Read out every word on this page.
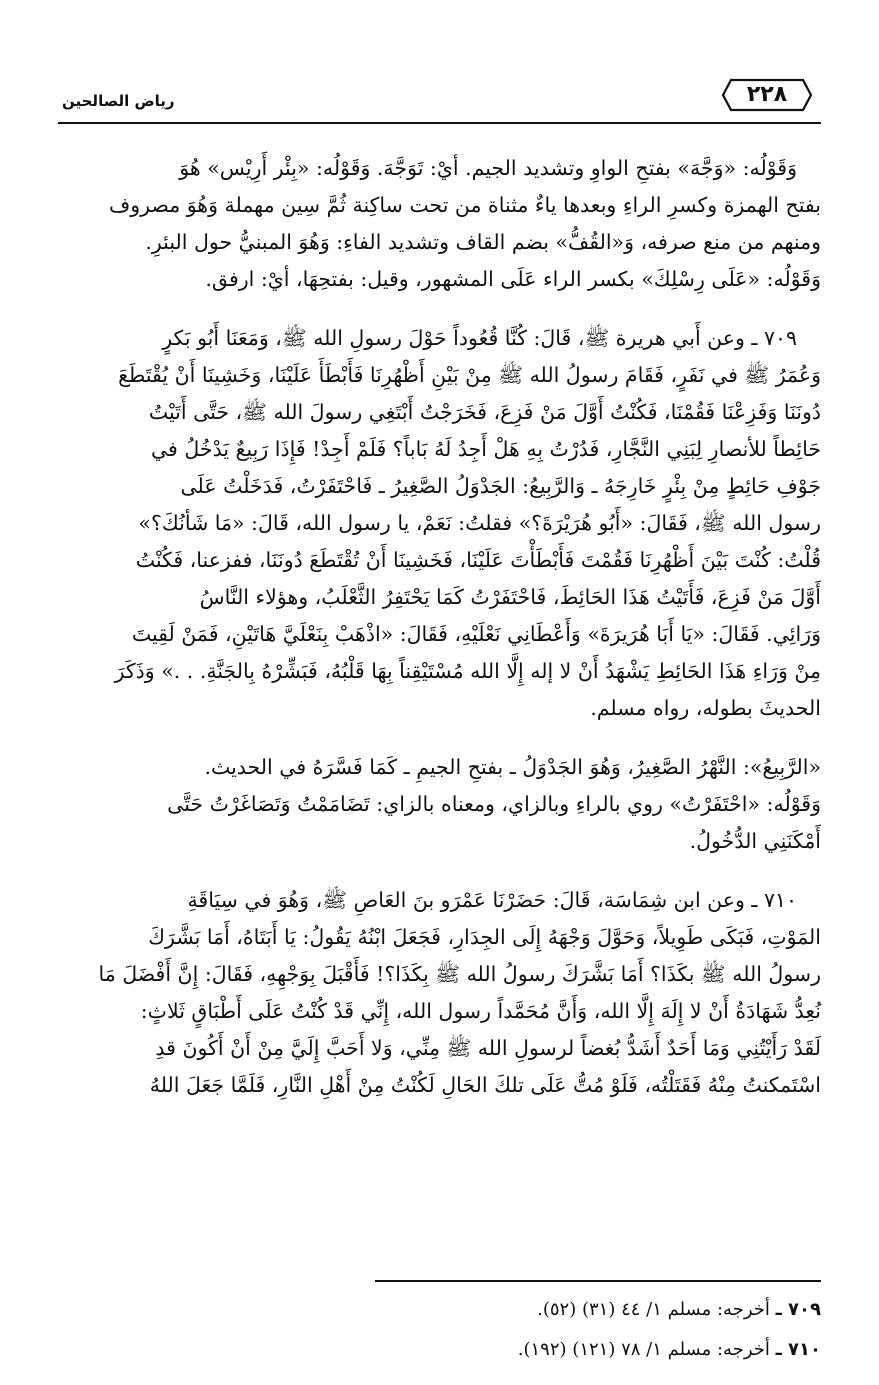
٢٢٨
رياض الصالحين

وَقَوْلُه: «وَجَّهَ» بفتحِ الواوِ وتشديد الجيم. أيْ: تَوَجَّهَ. وَقَوْلُه: «بِئْر أَرِيْس» هُوَ

بفتح الهمزة وكسرِ الراءِ وبعدها ياءٌ مثناة من تحت ساكِنة ثُمَّ سِين مهملة وَهُوَ مصروف

ومنهم من منع صرفه، وَ«القُفُّ» بضم القاف وتشديد الفاءِ: وَهُوَ المبنيُّ حول البئرِ.

وَقَوْلُه: «عَلَى رِسْلِكَ» بكسر الراء عَلَى المشهور، وقيل: بفتحِهَا، أيْ: ارفق.

٧٠٩ ـ وعن أَبي هريرة ﷺ، قَالَ: كُنَّا قُعُوداً حَوْلَ رسولِ الله ﷺ، وَمَعَنَا أَبُو بَكرٍ

وَعُمَرُ ﷺ في نَفَرٍ، فَقَامَ رسولُ الله ﷺ مِنْ بَيْنِ أَظْهُرِنَا فَأَبْطَأَ عَلَيْنَا، وَخَشِينَا أَنْ يُقْتَطَعَ

دُونَنَا وَفَزِعْنَا فَقُمْنَا، فَكُنْتُ أَوَّلَ مَنْ فَزِعَ، فَخَرَجْتُ أَبْتَغِي رسولَ الله ﷺ، حَتَّى أَتَيْتُ

حَائِطاً للأنصارِ لِبَنِي النَّجَّارِ، فَدُرْتُ بِهِ هَلْ أَجِدُ لَهُ بَاباً؟ فَلَمْ أَجِدْ! فَإِذَا رَبِيعٌ يَدْخُلُ في

جَوْفِ حَائِطٍ مِنْ بِئْرٍ خَارِجَهُ ـ وَالرَّبِيعُ: الجَدْوَلُ الصَّغِيرُ ـ فَاحْتَفَرْتُ، فَدَخَلْتُ عَلَى

رسول الله ﷺ، فَقَالَ: «أَبُو هُرَيْرَةَ؟» فقلتُ: نَعَمْ، يا رسول الله، قَالَ: «مَا شَأنُكَ؟»

قُلْتُ: كُنْتَ بَيْنَ أَظْهُرِنَا فَقُمْتَ فَأَبْطَأْتَ عَلَيْنَا، فَخَشِينَا أَنْ تُقْتَطَعَ دُونَنَا، ففزعنا، فَكُنْتُ

أَوَّلَ مَنْ فَزِعَ، فَأَتَيْتُ هَذَا الحَائِطَ، فَاحْتَفَرْتُ كَمَا يَحْتَفِرُ الثَّعْلَبُ، وهؤلاء النَّاسُ

وَرَائِي. فَقَالَ: «يَا أَبَا هُرَيرَةَ» وَأَعْطَانِي نَعْلَيْهِ، فَقَالَ: «اذْهَبْ بِنَعْلَيَّ هَاتَيْنِ، فَمَنْ لَقِيتَ

مِنْ وَرَاءِ هَذَا الحَائِطِ يَشْهَدُ أَنْ لا إله إِلَّا الله مُسْتَيْقِناً بِهَا قَلْبُهُ، فَبَشِّرْهُ بِالجَنَّةِ. . .» وَذَكَرَ

الحديثَ بطوله، رواه مسلم.

«الرَّبِيعُ»: النَّهْرُ الصَّغِيرُ، وَهُوَ الجَدْوَلُ ـ بفتحِ الجيمِ ـ كَمَا فَسَّرَهُ في الحديث.

وَقَوْلُه: «احْتَفَرْتُ» روي بالراءِ وبالزاي، ومعناه بالزاي: تَضَامَمْتُ وَتَصَاغَرْتُ حَتَّى

أَمْكَنَنِي الدُّخُولُ.

٧١٠ ـ وعن ابن شِمَاسَة، قَالَ: حَضَرْنَا عَمْرَو بنَ العَاصِ ﷺ، وَهُوَ في سِيَاقَةِ

المَوْتِ، فَبَكَى طَوِيلاً، وَحَوَّلَ وَجْهَهُ إِلَى الجِدَارِ، فَجَعَلَ ابْنُهُ يَقُولُ: يَا أَبَتَاهُ، أَمَا بَشَّرَكَ

رسولُ الله ﷺ بكَذَا؟ أَمَا بَشَّرَكَ رسولُ الله ﷺ بِكَذَا؟! فَأَقْبَلَ بِوَجْهِهِ، فَقَالَ: إِنَّ أَفْضَلَ مَا

نُعِدُّ شَهَادَةُ أَنْ لا إِلَهَ إِلَّا الله، وَأَنَّ مُحَمَّداً رسول الله، إِنِّي قَدْ كُنْتُ عَلَى أَطْبَاقٍ ثَلاثٍ:

لَقَدْ رَأَيْتُنِي وَمَا أَحَدٌ أَشَدُّ بُغضاً لرسولِ الله ﷺ مِنِّي، وَلا أَحَبَّ إِلَيَّ مِنْ أَنْ أَكُونَ قدِ

اسْتَمكنتُ مِنْهُ فَقَتَلْتُه، فَلَوْ مُتُّ عَلَى تلكَ الحَالِ لَكُنْتُ مِنْ أَهْلِ النَّارِ، فَلَمَّا جَعَلَ اللهُ

٧٠٩ ـ أخرجه: مسلم ١/ ٤٤ (٣١) (٥٢).

٧١٠ ـ أخرجه: مسلم ١/ ٧٨ (١٢١) (١٩٢).
